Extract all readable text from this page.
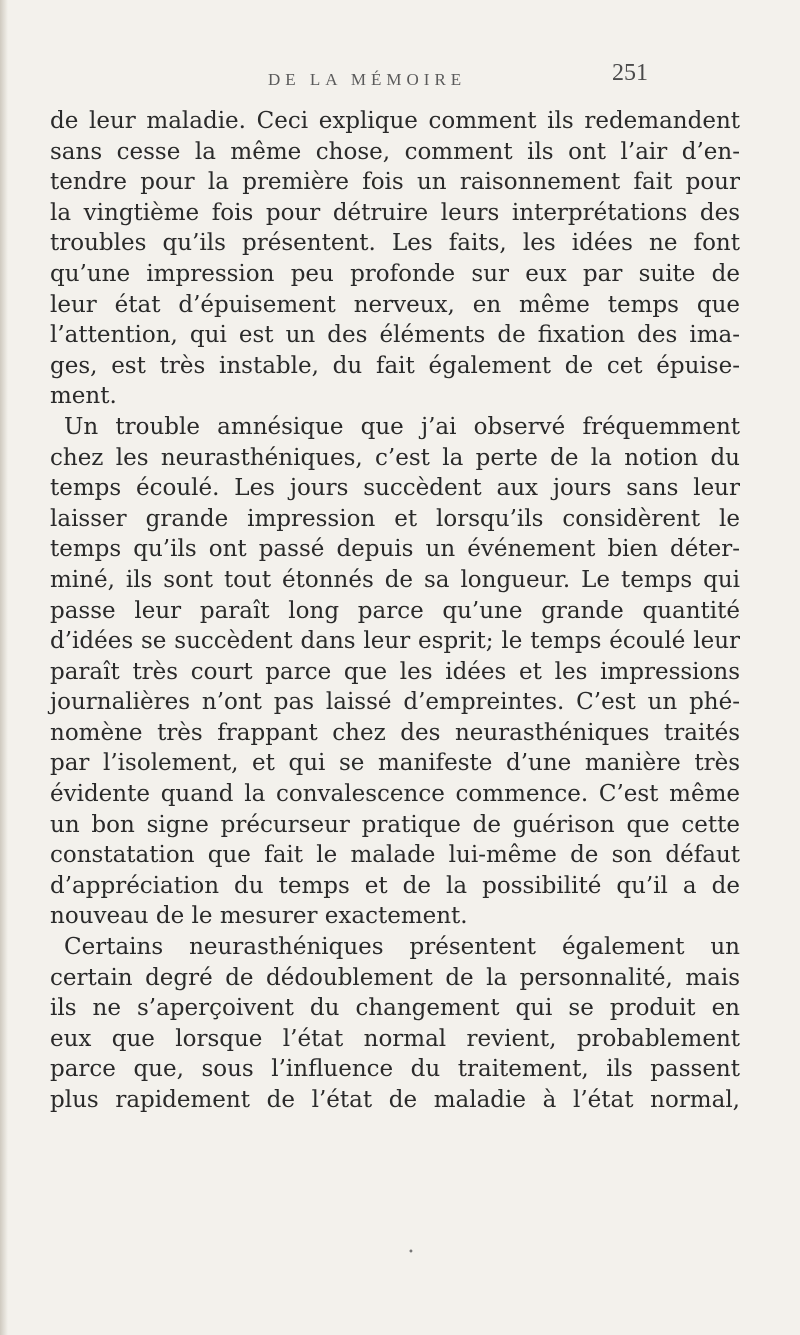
DE LA MÉMOIRE	251
de leur maladie. Ceci explique comment ils redemandent
sans cesse la même chose, comment ils ont l’air d’en-
tendre pour la première fois un raisonnement fait pour
la vingtième fois pour détruire leurs interprétations des
troubles qu’ils présentent. Les faits, les idées ne font
qu’une impression peu profonde sur eux par suite de
leur état d’épuisement nerveux, en même temps que
l’attention, qui est un des éléments de fixation des ima-
ges, est très instable, du fait également de cet épuise-
ment.
Un trouble amnésique que j’ai observé fréquemment
chez les neurasthéniques, c’est la perte de la notion du
temps écoulé. Les jours succèdent aux jours sans leur
laisser grande impression et lorsqu’ils considèrent le
temps qu’ils ont passé depuis un événement bien déter-
miné, ils sont tout étonnés de sa longueur. Le temps qui
passe leur paraît long parce qu’une grande quantité
d’idées se succèdent dans leur esprit; le temps écoulé leur
paraît très court parce que les idées et les impressions
journalières n’ont pas laissé d’empreintes. C’est un phé-
nomène très frappant chez des neurasthéniques traités
par l’isolement, et qui se manifeste d’une manière très
évidente quand la convalescence commence. C’est même
un bon signe précurseur pratique de guérison que cette
constatation que fait le malade lui-même de son défaut
d’appréciation du temps et de la possibilité qu’il a de
nouveau de le mesurer exactement.
Certains neurasthéniques présentent également un
certain degré de dédoublement de la personnalité, mais
ils ne s’aperçoivent du changement qui se produit en
eux que lorsque l’état normal revient, probablement
parce que, sous l’influence du traitement, ils passent
plus rapidement de l’état de maladie à l’état normal,
•
